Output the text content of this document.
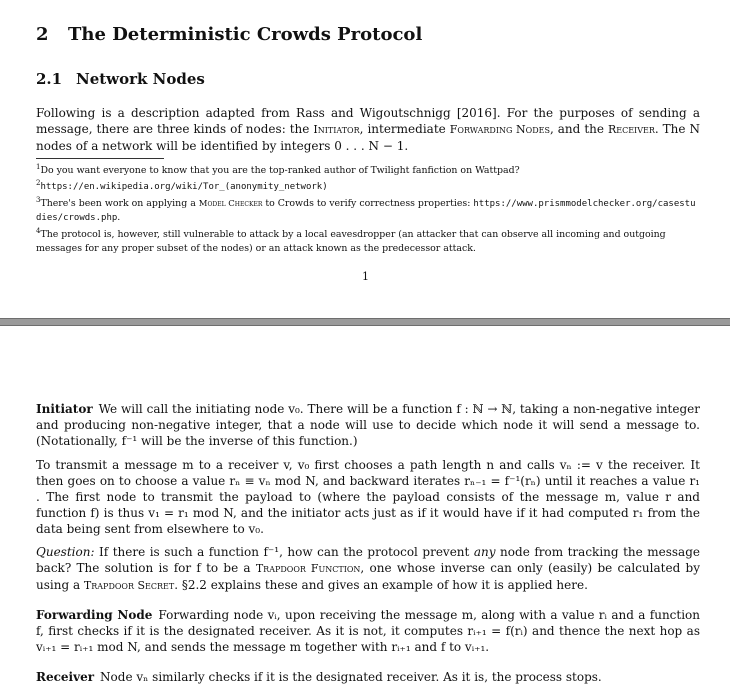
2 The Deterministic Crowds Protocol
2.1 Network Nodes

Following is a description adapted from Rass and Wigoutschnigg [2016]. For the purposes of sending a message, there are three kinds of nodes: the Initiator, intermediate Forwarding Nodes, and the Receiver. The N nodes of a network will be identified by integers 0 . . . N − 1.

$^1$Do you want everyone to know that you are the top-ranked author of Twilight fanfiction on Wattpad?

$^2$https://en.wikipedia.org/wiki/Tor_(anonymity_network)

$^3$There's been work on applying a Model Checker to Crowds to verify correctness properties: https://www.prismmodelchecker.org/casestudies/crowds.php.

$^4$The protocol is, however, still vulnerable to attack by a local eavesdropper (an attacker that can observe all incoming and outgoing messages for any proper subset of the nodes) or an attack known as the predecessor attack.

1

Initiator We will call the initiating node v₀. There will be a function f : ℕ → ℕ, taking a non-negative integer and producing non-negative integer, that a node will use to decide which node it will send a message to. (Notationally, f⁻¹ will be the inverse of this function.)

To transmit a message m to a receiver v, v₀ first chooses a path length n and calls vₙ := v the receiver. It then goes on to choose a value rₙ ≡ vₙ mod N, and backward iterates rₙ₋₁ = f⁻¹(rₙ) until it reaches a value r₁ . The first node to transmit the payload to (where the payload consists of the message m, value r and function f) is thus v₁ = r₁ mod N, and the initiator acts just as if it would have if it had computed r₁ from the data being sent from elsewhere to v₀.

Question: If there is such a function f⁻¹, how can the protocol prevent any node from tracking the message back? The solution is for f to be a Trapdoor Function, one whose inverse can only (easily) be calculated by using a Trapdoor Secret. §2.2 explains these and gives an example of how it is applied here.

Forwarding Node Forwarding node vᵢ, upon receiving the message m, along with a value rᵢ and a function f, first checks if it is the designated receiver. As it is not, it computes rᵢ₊₁ = f(rᵢ) and thence the next hop as vᵢ₊₁ = rᵢ₊₁ mod N, and sends the message m together with rᵢ₊₁ and f to vᵢ₊₁.

Receiver Node vₙ similarly checks if it is the designated receiver. As it is, the process stops.
